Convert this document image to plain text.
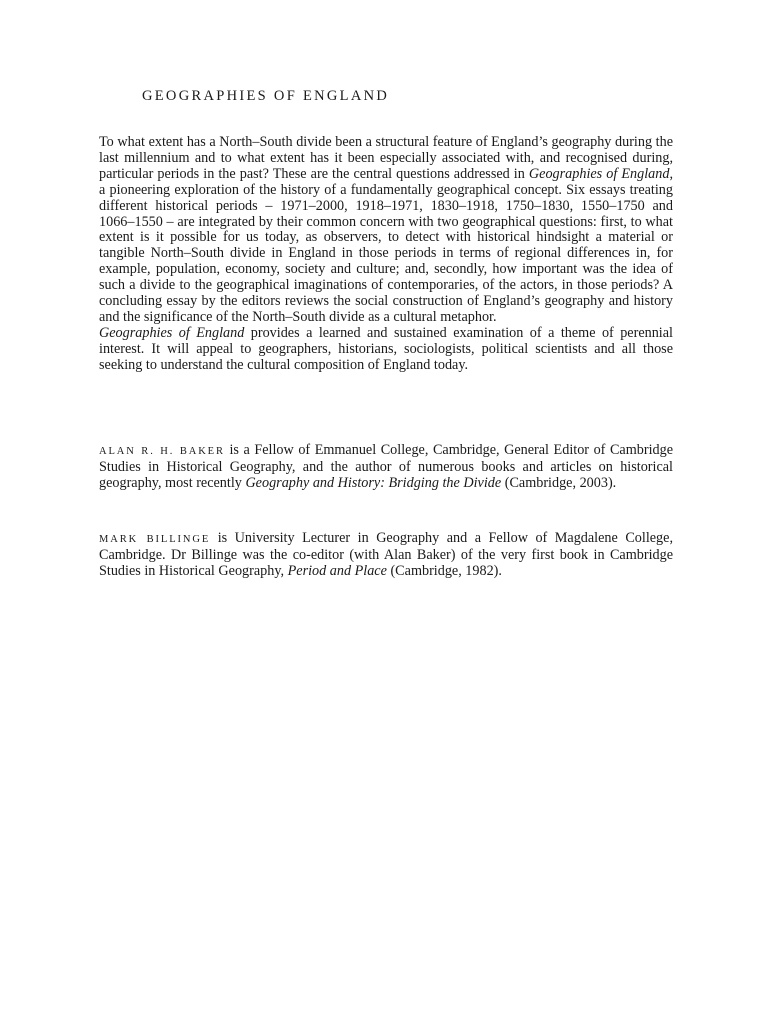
GEOGRAPHIES OF ENGLAND

To what extent has a North–South divide been a structural feature of England’s geography during the last millennium and to what extent has it been especially associated with, and recognised during, particular periods in the past? These are the central questions addressed in Geographies of England, a pioneering exploration of the history of a fundamentally geographical concept. Six essays treating different historical periods – 1971–2000, 1918–1971, 1830–1918, 1750–1830, 1550–1750 and 1066–1550 – are integrated by their common concern with two geographical questions: first, to what extent is it possible for us today, as observers, to detect with historical hindsight a material or tangible North–South divide in England in those periods in terms of regional differences in, for example, population, economy, society and culture; and, secondly, how important was the idea of such a divide to the geographical imaginations of contemporaries, of the actors, in those periods? A concluding essay by the editors reviews the social construction of England’s geography and history and the significance of the North–South divide as a cultural metaphor.

Geographies of England provides a learned and sustained examination of a theme of perennial interest. It will appeal to geographers, historians, sociologists, political scientists and all those seeking to understand the cultural composition of England today.

ALAN R. H. BAKER is a Fellow of Emmanuel College, Cambridge, General Editor of Cambridge Studies in Historical Geography, and the author of numerous books and articles on historical geography, most recently Geography and History: Bridging the Divide (Cambridge, 2003).

MARK BILLINGE is University Lecturer in Geography and a Fellow of Magdalene College, Cambridge. Dr Billinge was the co-editor (with Alan Baker) of the very first book in Cambridge Studies in Historical Geography, Period and Place (Cambridge, 1982).
